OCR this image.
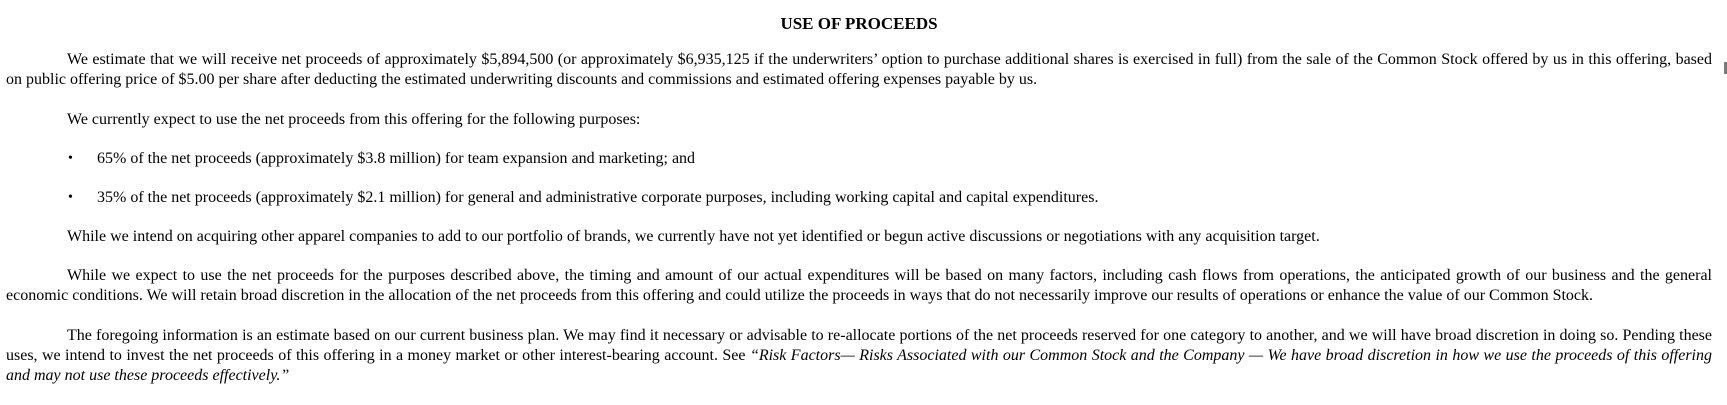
USE OF PROCEEDS

We estimate that we will receive net proceeds of approximately $5,894,500 (or approximately $6,935,125 if the underwriters’ option to purchase additional shares is exercised in full) from the sale of the Common Stock offered by us in this offering, based on public offering price of $5.00 per share after deducting the estimated underwriting discounts and commissions and estimated offering expenses payable by us.

We currently expect to use the net proceeds from this offering for the following purposes:

• 65% of the net proceeds (approximately $3.8 million) for team expansion and marketing; and
• 35% of the net proceeds (approximately $2.1 million) for general and administrative corporate purposes, including working capital and capital expenditures.

While we intend on acquiring other apparel companies to add to our portfolio of brands, we currently have not yet identified or begun active discussions or negotiations with any acquisition target.

While we expect to use the net proceeds for the purposes described above, the timing and amount of our actual expenditures will be based on many factors, including cash flows from operations, the anticipated growth of our business and the general economic conditions. We will retain broad discretion in the allocation of the net proceeds from this offering and could utilize the proceeds in ways that do not necessarily improve our results of operations or enhance the value of our Common Stock.

The foregoing information is an estimate based on our current business plan. We may find it necessary or advisable to re-allocate portions of the net proceeds reserved for one category to another, and we will have broad discretion in doing so. Pending these uses, we intend to invest the net proceeds of this offering in a money market or other interest-bearing account. See “Risk Factors— Risks Associated with our Common Stock and the Company — We have broad discretion in how we use the proceeds of this offering and may not use these proceeds effectively.”
